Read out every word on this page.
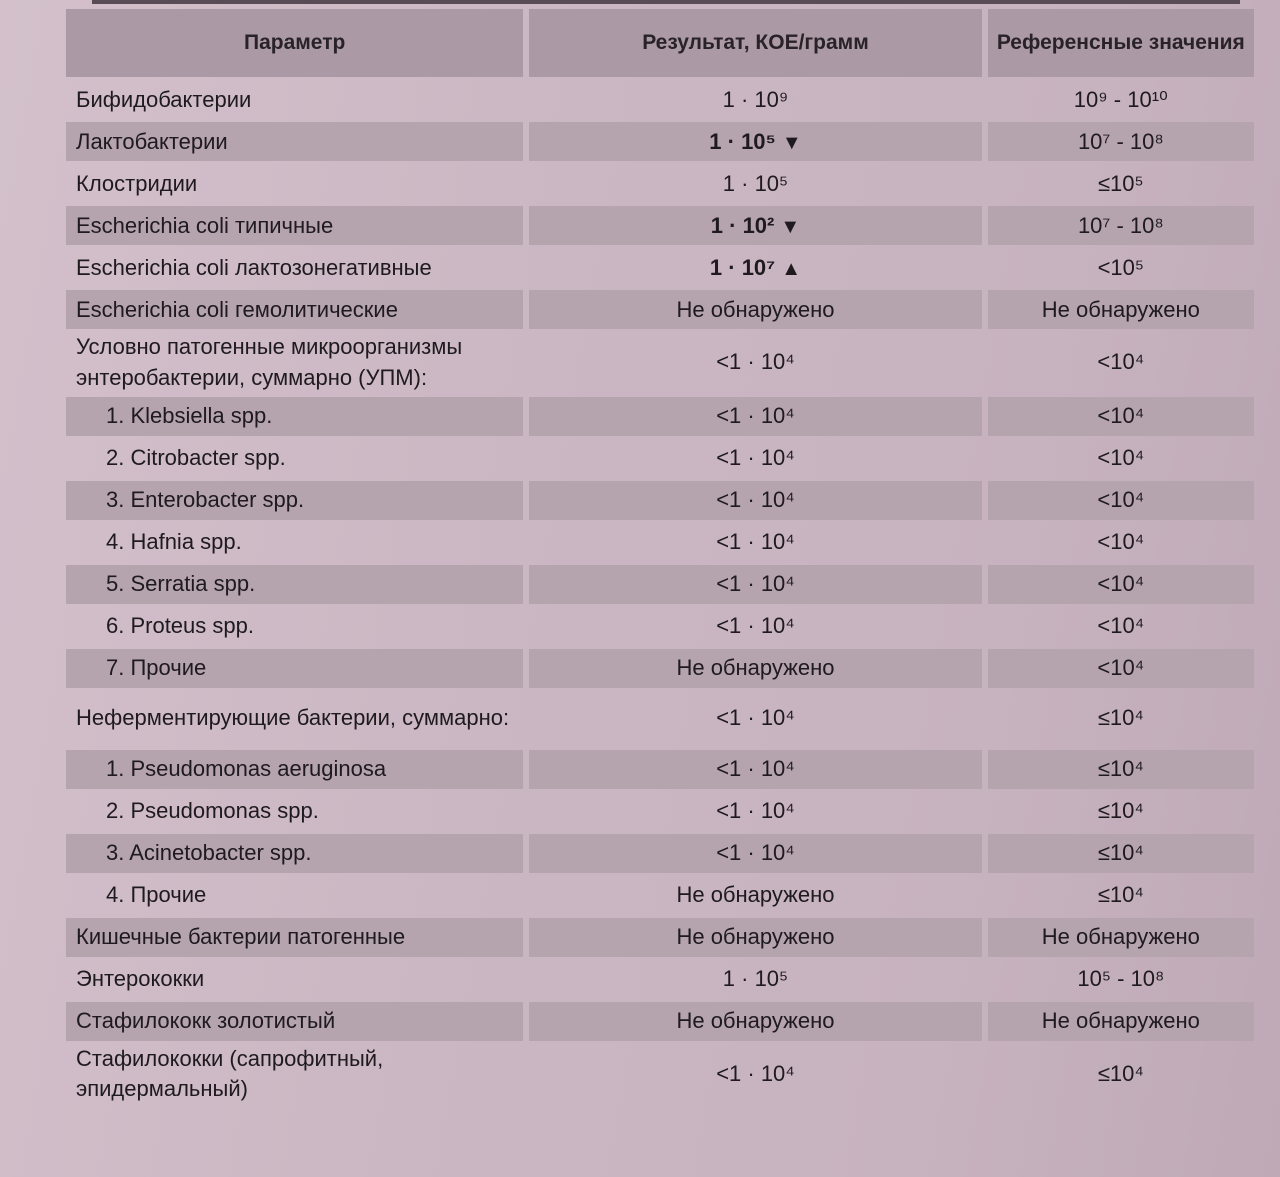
Параметр	Результат, КОЕ/грамм	Референсные значения
Бифидобактерии	1 · 10⁹	10⁹ - 10¹⁰
Лактобактерии	1 · 10⁵ ▼	10⁷ - 10⁸
Клостридии	1 · 10⁵	≤10⁵
Escherichia coli типичные	1 · 10² ▼	10⁷ - 10⁸
Escherichia coli лактозонегативные	1 · 10⁷ ▲	<10⁵
Escherichia coli гемолитические	Не обнаружено	Не обнаружено
Условно патогенные микроорганизмы энтеробактерии, суммарно (УПМ):	<1 · 10⁴	<10⁴
1. Klebsiella spp.	<1 · 10⁴	<10⁴
2. Citrobacter spp.	<1 · 10⁴	<10⁴
3. Enterobacter spp.	<1 · 10⁴	<10⁴
4. Hafnia spp.	<1 · 10⁴	<10⁴
5. Serratia spp.	<1 · 10⁴	<10⁴
6. Proteus spp.	<1 · 10⁴	<10⁴
7. Прочие	Не обнаружено	<10⁴
Неферментирующие бактерии, суммарно:	<1 · 10⁴	≤10⁴
1. Pseudomonas aeruginosa	<1 · 10⁴	≤10⁴
2. Pseudomonas spp.	<1 · 10⁴	≤10⁴
3. Acinetobacter spp.	<1 · 10⁴	≤10⁴
4. Прочие	Не обнаружено	≤10⁴
Кишечные бактерии патогенные	Не обнаружено	Не обнаружено
Энтерококки	1 · 10⁵	10⁵ - 10⁸
Стафилококк золотистый	Не обнаружено	Не обнаружено
Стафилококки (сапрофитный, эпидермальный)	<1 · 10⁴	≤10⁴
